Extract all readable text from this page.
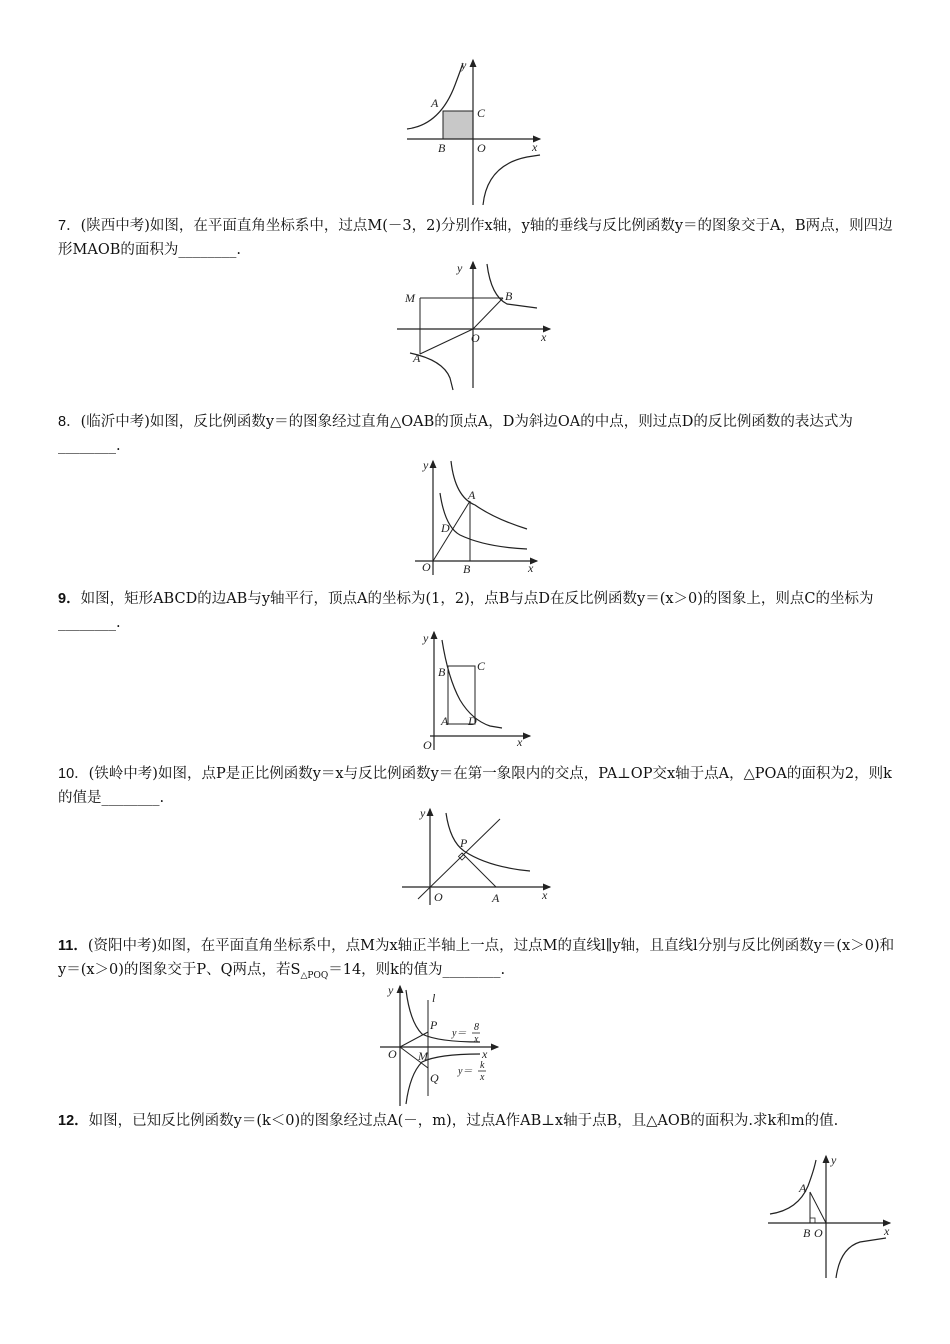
y
A
C
B	O	x
7．(陕西中考)如图，在平面直角坐标系中，过点M(－3，2)分别作x轴，y轴的垂线与反比例函数y＝的图象交于A，B两点，则四边形MAOB的面积为________.
y
M	B
O	x
A
8．(临沂中考)如图，反比例函数y＝的图象经过直角△OAB的顶点A，D为斜边OA的中点，则过点D的反比例函数的表达式为________.
y
A
D
O	B	x
9．如图，矩形ABCD的边AB与y轴平行，顶点A的坐标为(1，2)，点B与点D在反比例函数y＝(x＞0)的图象上，则点C的坐标为________.
y
B	C
A D
O	x
10．(铁岭中考)如图，点P是正比例函数y＝x与反比例函数y＝在第一象限内的交点，PA⊥OP交x轴于点A，△POA的面积为2，则k的值是________.
y
P
O	A	x
11．(资阳中考)如图，在平面直角坐标系中，点M为x轴正半轴上一点，过点M的直线l∥y轴，且直线l分别与反比例函数y＝(x＞0)和y＝(x＞0)的图象交于P、Q两点，若$S_{\triangle POQ}=14$，则k的值为________.
y
l
P
O M
Q
x
y＝
8
x
y＝
k
x
12．如图，已知反比例函数y＝(k＜0)的图象经过点A(－，m)，过点A作AB⊥x轴于点B，且△AOB的面积为.求k和m的值.
y
A
B O	x
